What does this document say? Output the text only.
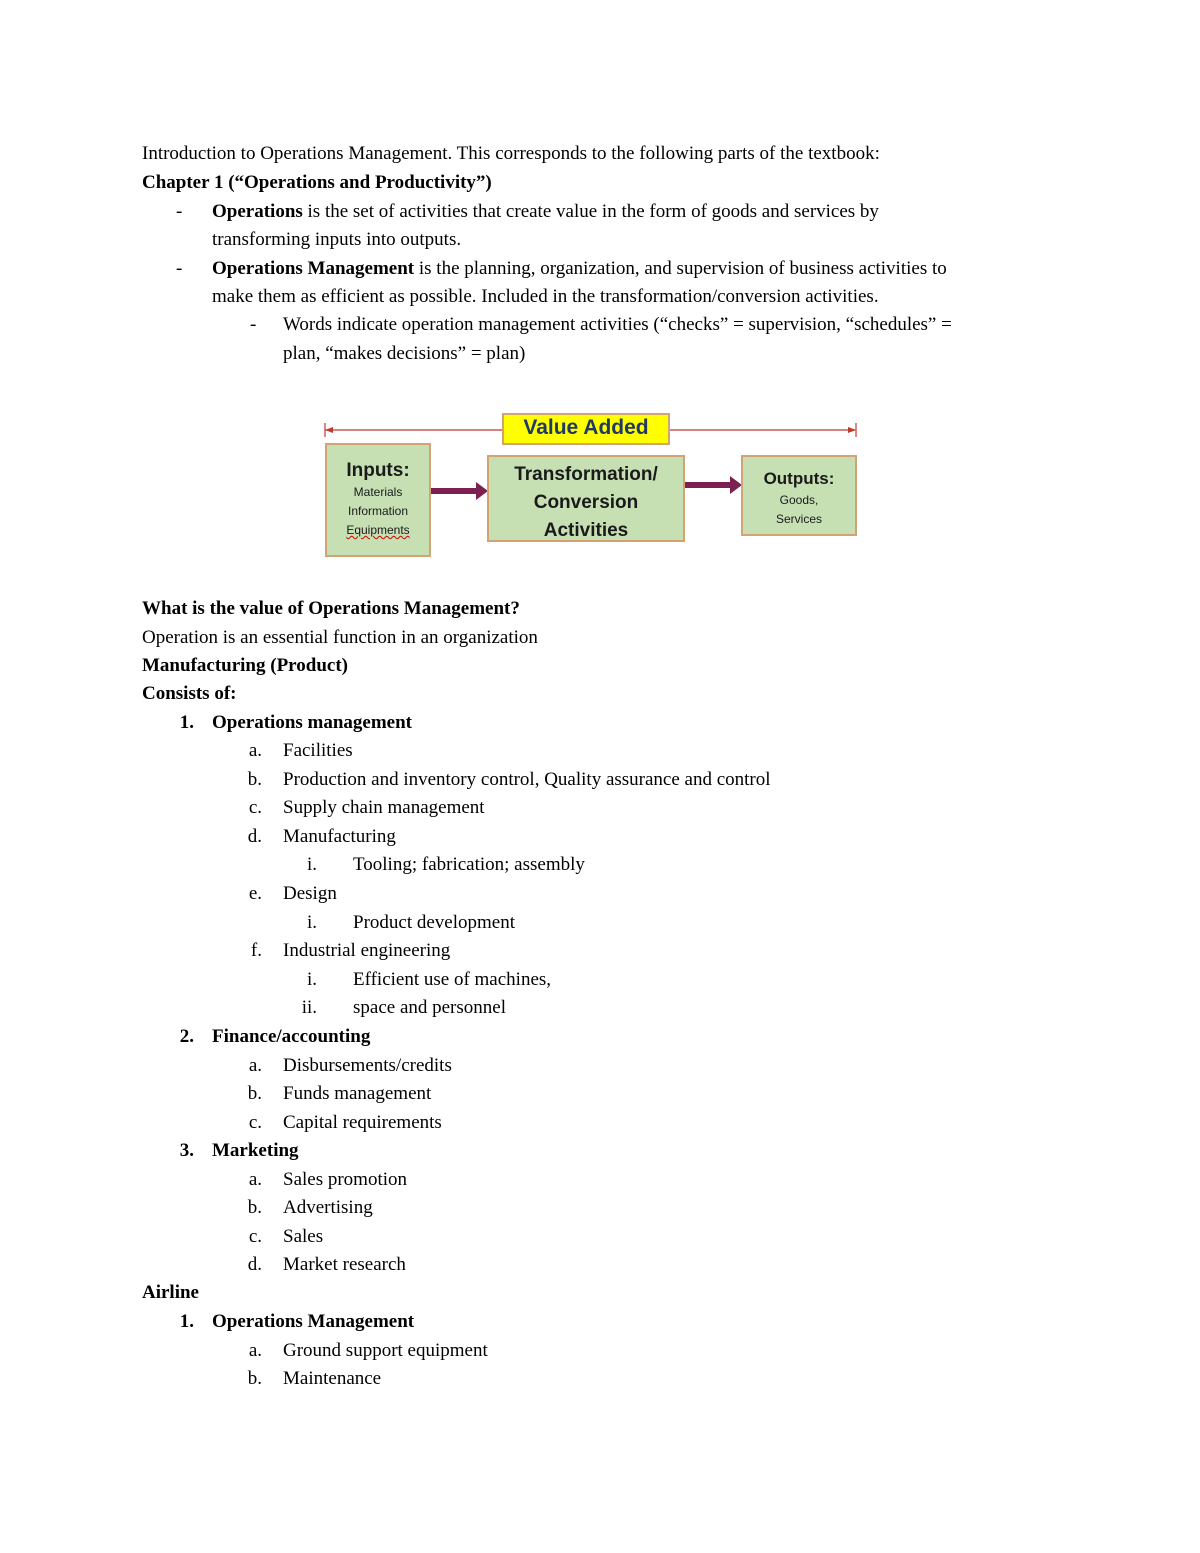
Introduction to Operations Management. This corresponds to the following parts of the textbook:
Chapter 1 (“Operations and Productivity”)
- Operations is the set of activities that create value in the form of goods and services by
transforming inputs into outputs.
- Operations Management is the planning, organization, and supervision of business activities to
make them as efficient as possible. Included in the transformation/conversion activities.
- Words indicate operation management activities (“checks” = supervision, “schedules” =
plan, “makes decisions” = plan)
Value Added
Inputs:
Materials
Information
Equipments
Transformation/
Conversion
Activities
Outputs:
Goods,
Services
What is the value of Operations Management?
Operation is an essential function in an organization
Manufacturing (Product)
Consists of:
1. Operations management
a. Facilities
b. Production and inventory control, Quality assurance and control
c. Supply chain management
d. Manufacturing
i. Tooling; fabrication; assembly
e. Design
i. Product development
f. Industrial engineering
i. Efficient use of machines,
ii. space and personnel
2. Finance/accounting
a. Disbursements/credits
b. Funds management
c. Capital requirements
3. Marketing
a. Sales promotion
b. Advertising
c. Sales
d. Market research
Airline
1. Operations Management
a. Ground support equipment
b. Maintenance
